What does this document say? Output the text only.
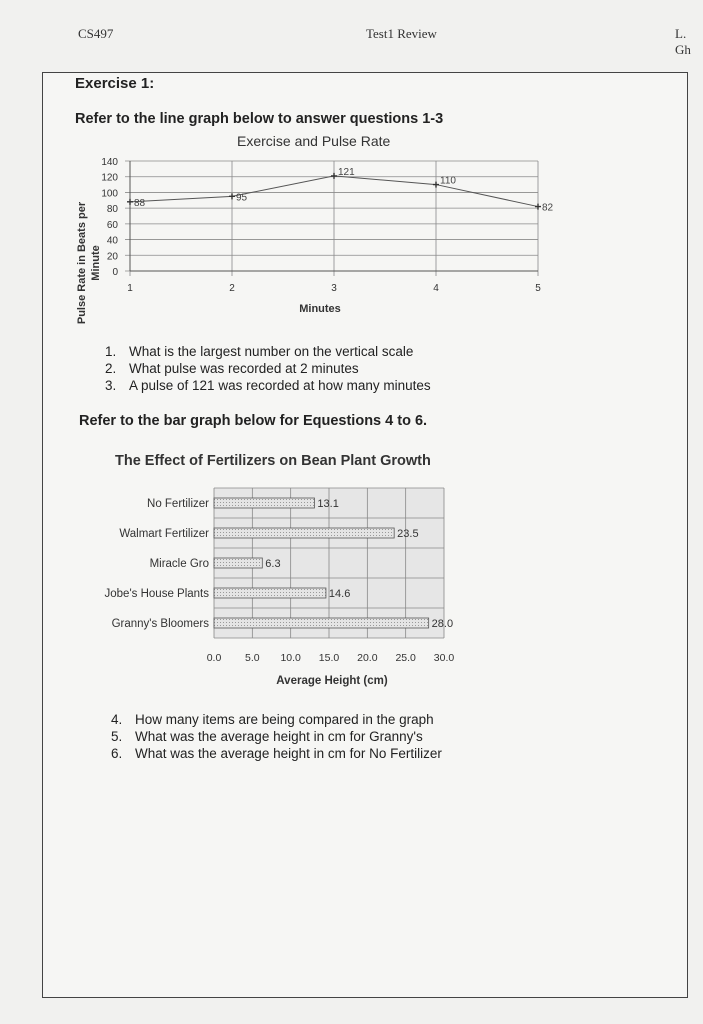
CS497	Test1 Review	L. Gh
Exercise 1:
Refer to the line graph below to answer questions 1-3
Exercise and Pulse Rate
Pulse Rate in Beats per Minute 0
20
40
60
80
100
120
140
1	2	3	4	5
88	95
121
110
82
Minutes
1. What is the largest number on the vertical scale
2. What pulse was recorded at 2 minutes
3. A pulse of 121 was recorded at how many minutes
Refer to the bar graph below for Equestions 4 to 6.
The Effect of Fertilizers on Bean Plant Growth
No Fertilizer
Walmart Fertilizer
Miracle Gro
Jobe's House Plants
Granny's Bloomers
13.1
23.5
6.3
14.6
28.0
0.0 5.0 10.0 15.0 20.0 25.0 30.0
Average Height (cm)
4. How many items are being compared in the graph
5. What was the average height in cm for Granny's
6. What was the average height in cm for No Fertilizer
